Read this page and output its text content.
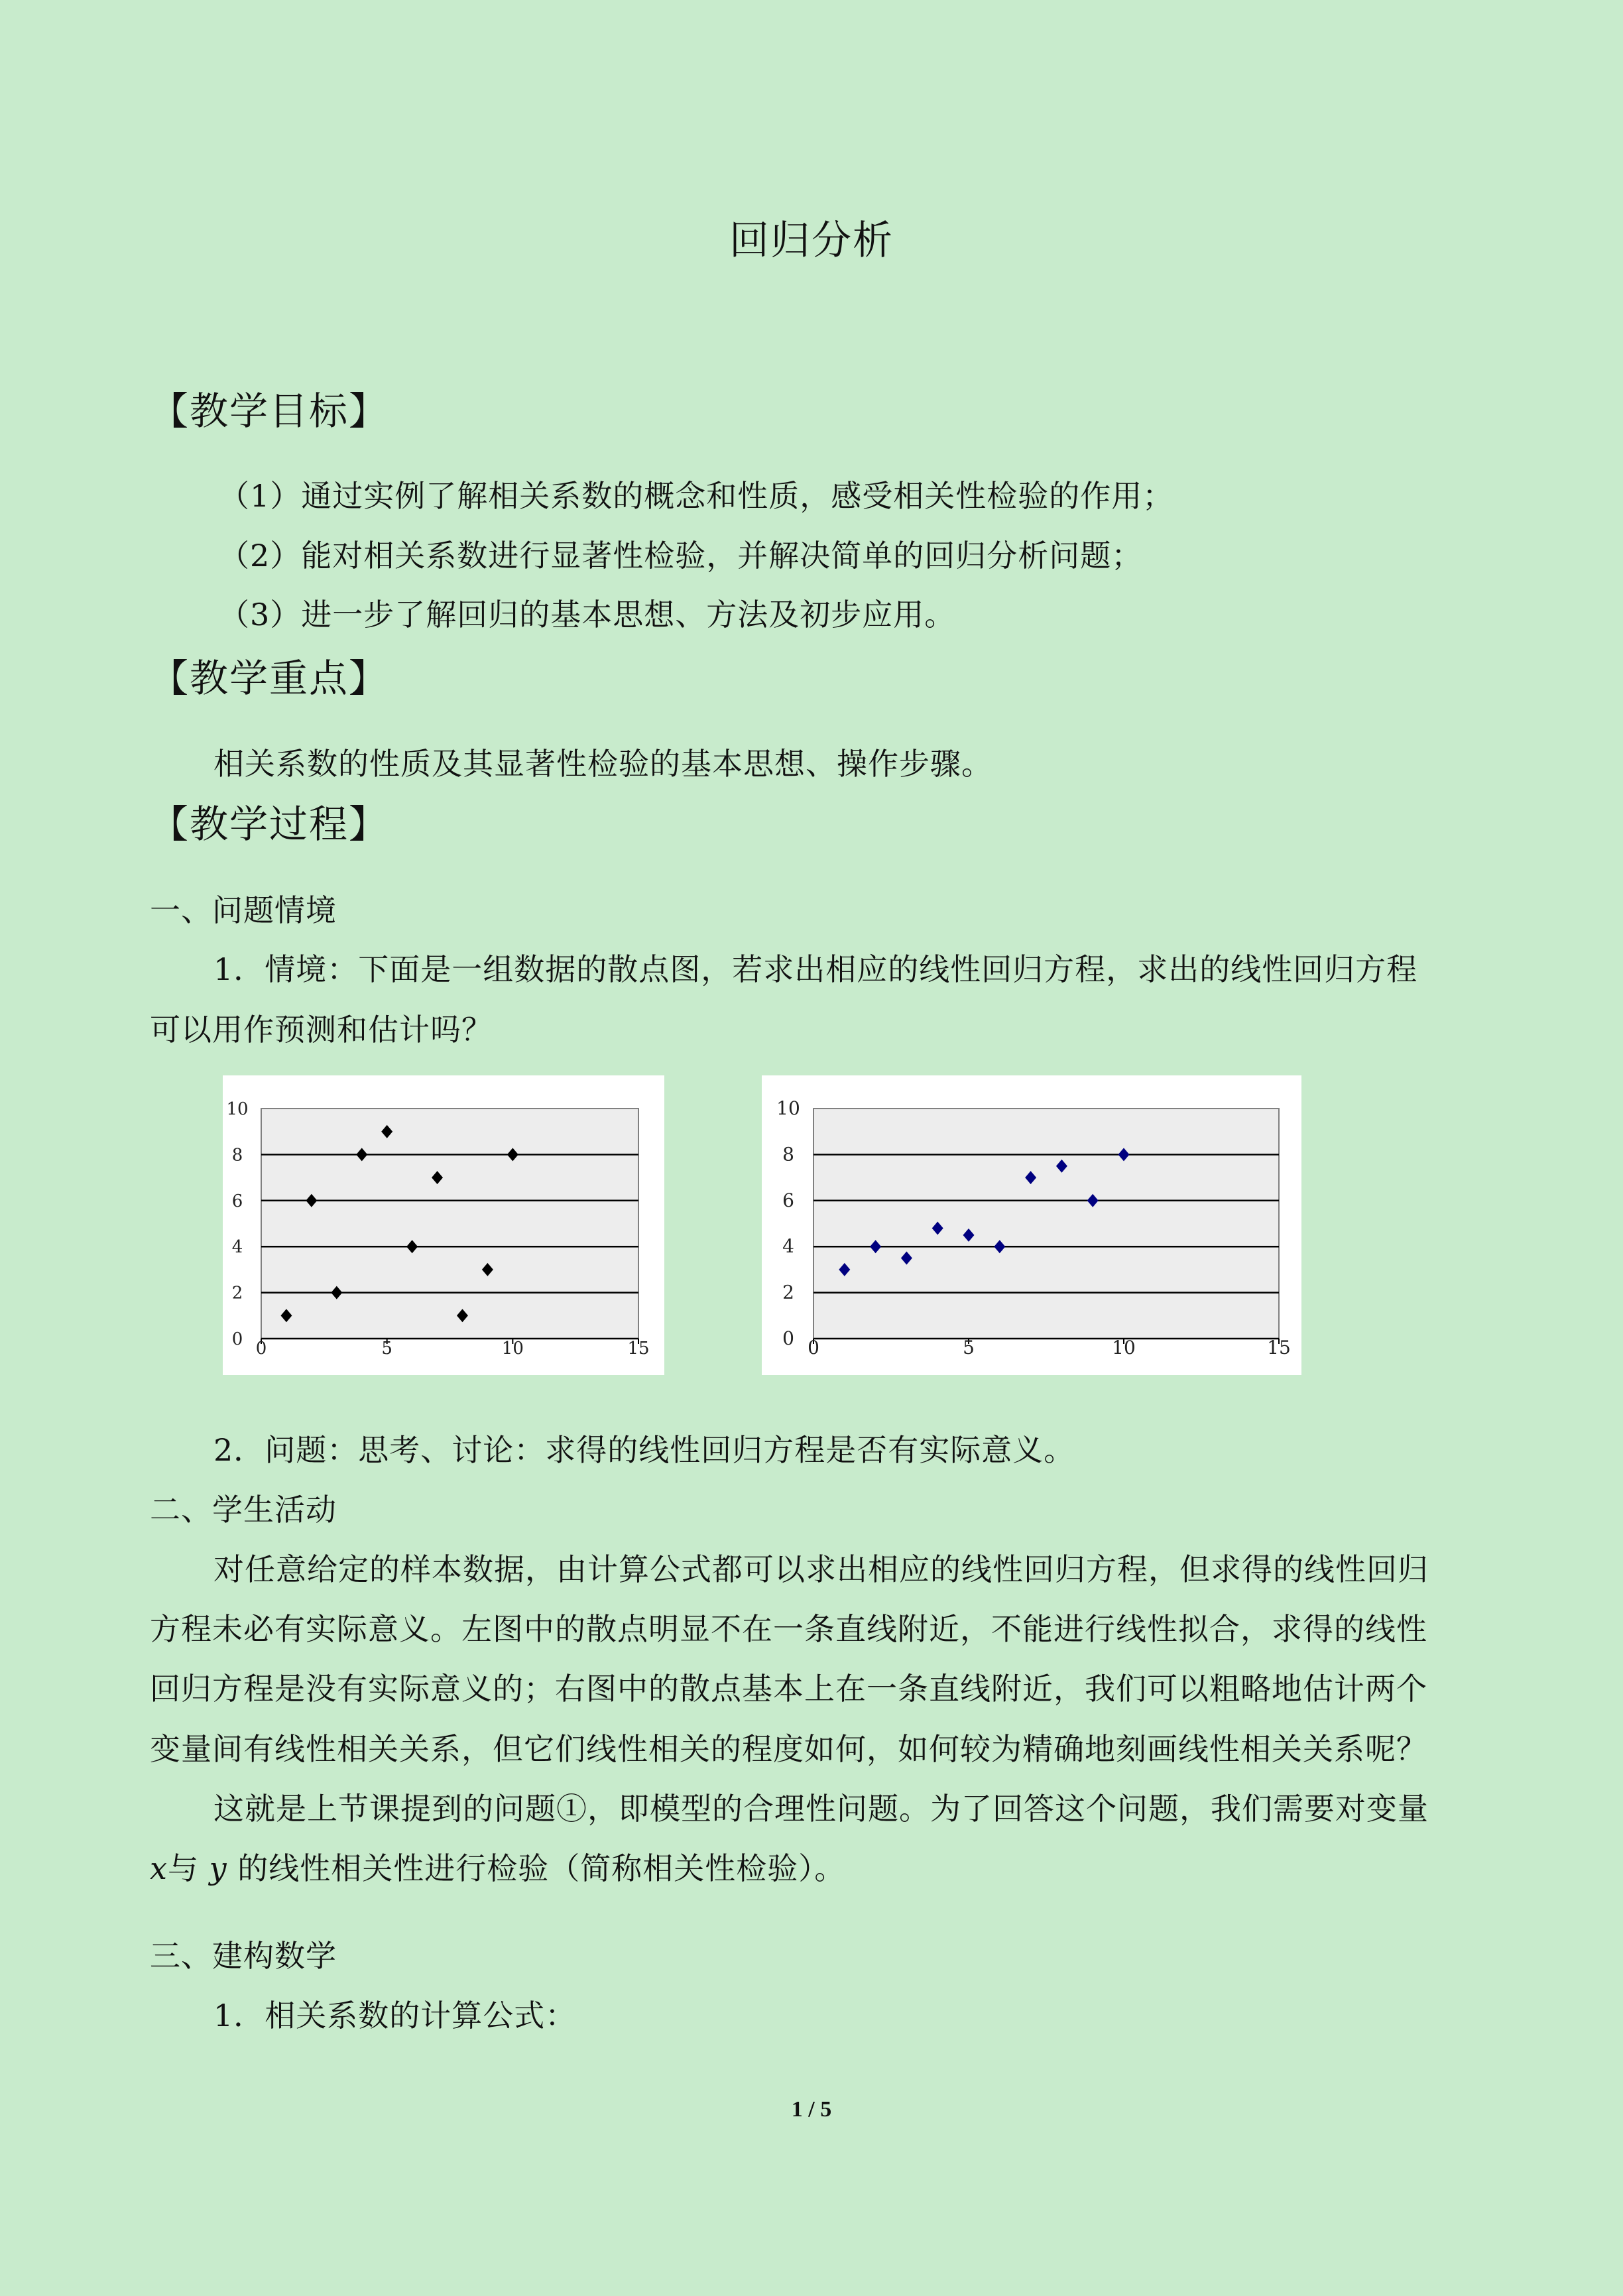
回归分析
【教学目标】
（1）通过实例了解相关系数的概念和性质，感受相关性检验的作用；
（2）能对相关系数进行显著性检验，并解决简单的回归分析问题；
（3）进一步了解回归的基本思想、方法及初步应用。
【教学重点】
相关系数的性质及其显著性检验的基本思想、操作步骤。
【教学过程】
一、问题情境
1．情境：下面是一组数据的散点图，若求出相应的线性回归方程，求出的线性回归方程
可以用作预测和估计吗？
0
2
4
6
8
10
0	5	10	15	0
2
4
6
8
10
0	5	10	15
2．问题：思考、讨论：求得的线性回归方程是否有实际意义。
二、学生活动
对任意给定的样本数据，由计算公式都可以求出相应的线性回归方程，但求得的线性回归
方程未必有实际意义。左图中的散点明显不在一条直线附近，不能进行线性拟合，求得的线性
回归方程是没有实际意义的；右图中的散点基本上在一条直线附近，我们可以粗略地估计两个
变量间有线性相关关系，但它们线性相关的程度如何，如何较为精确地刻画线性相关关系呢？
这就是上节课提到的问题①，即模型的合理性问题。为了回答这个问题，我们需要对变量
x与 y 的线性相关性进行检验（简称相关性检验）。
三、建构数学
1．相关系数的计算公式：
1 / 5
